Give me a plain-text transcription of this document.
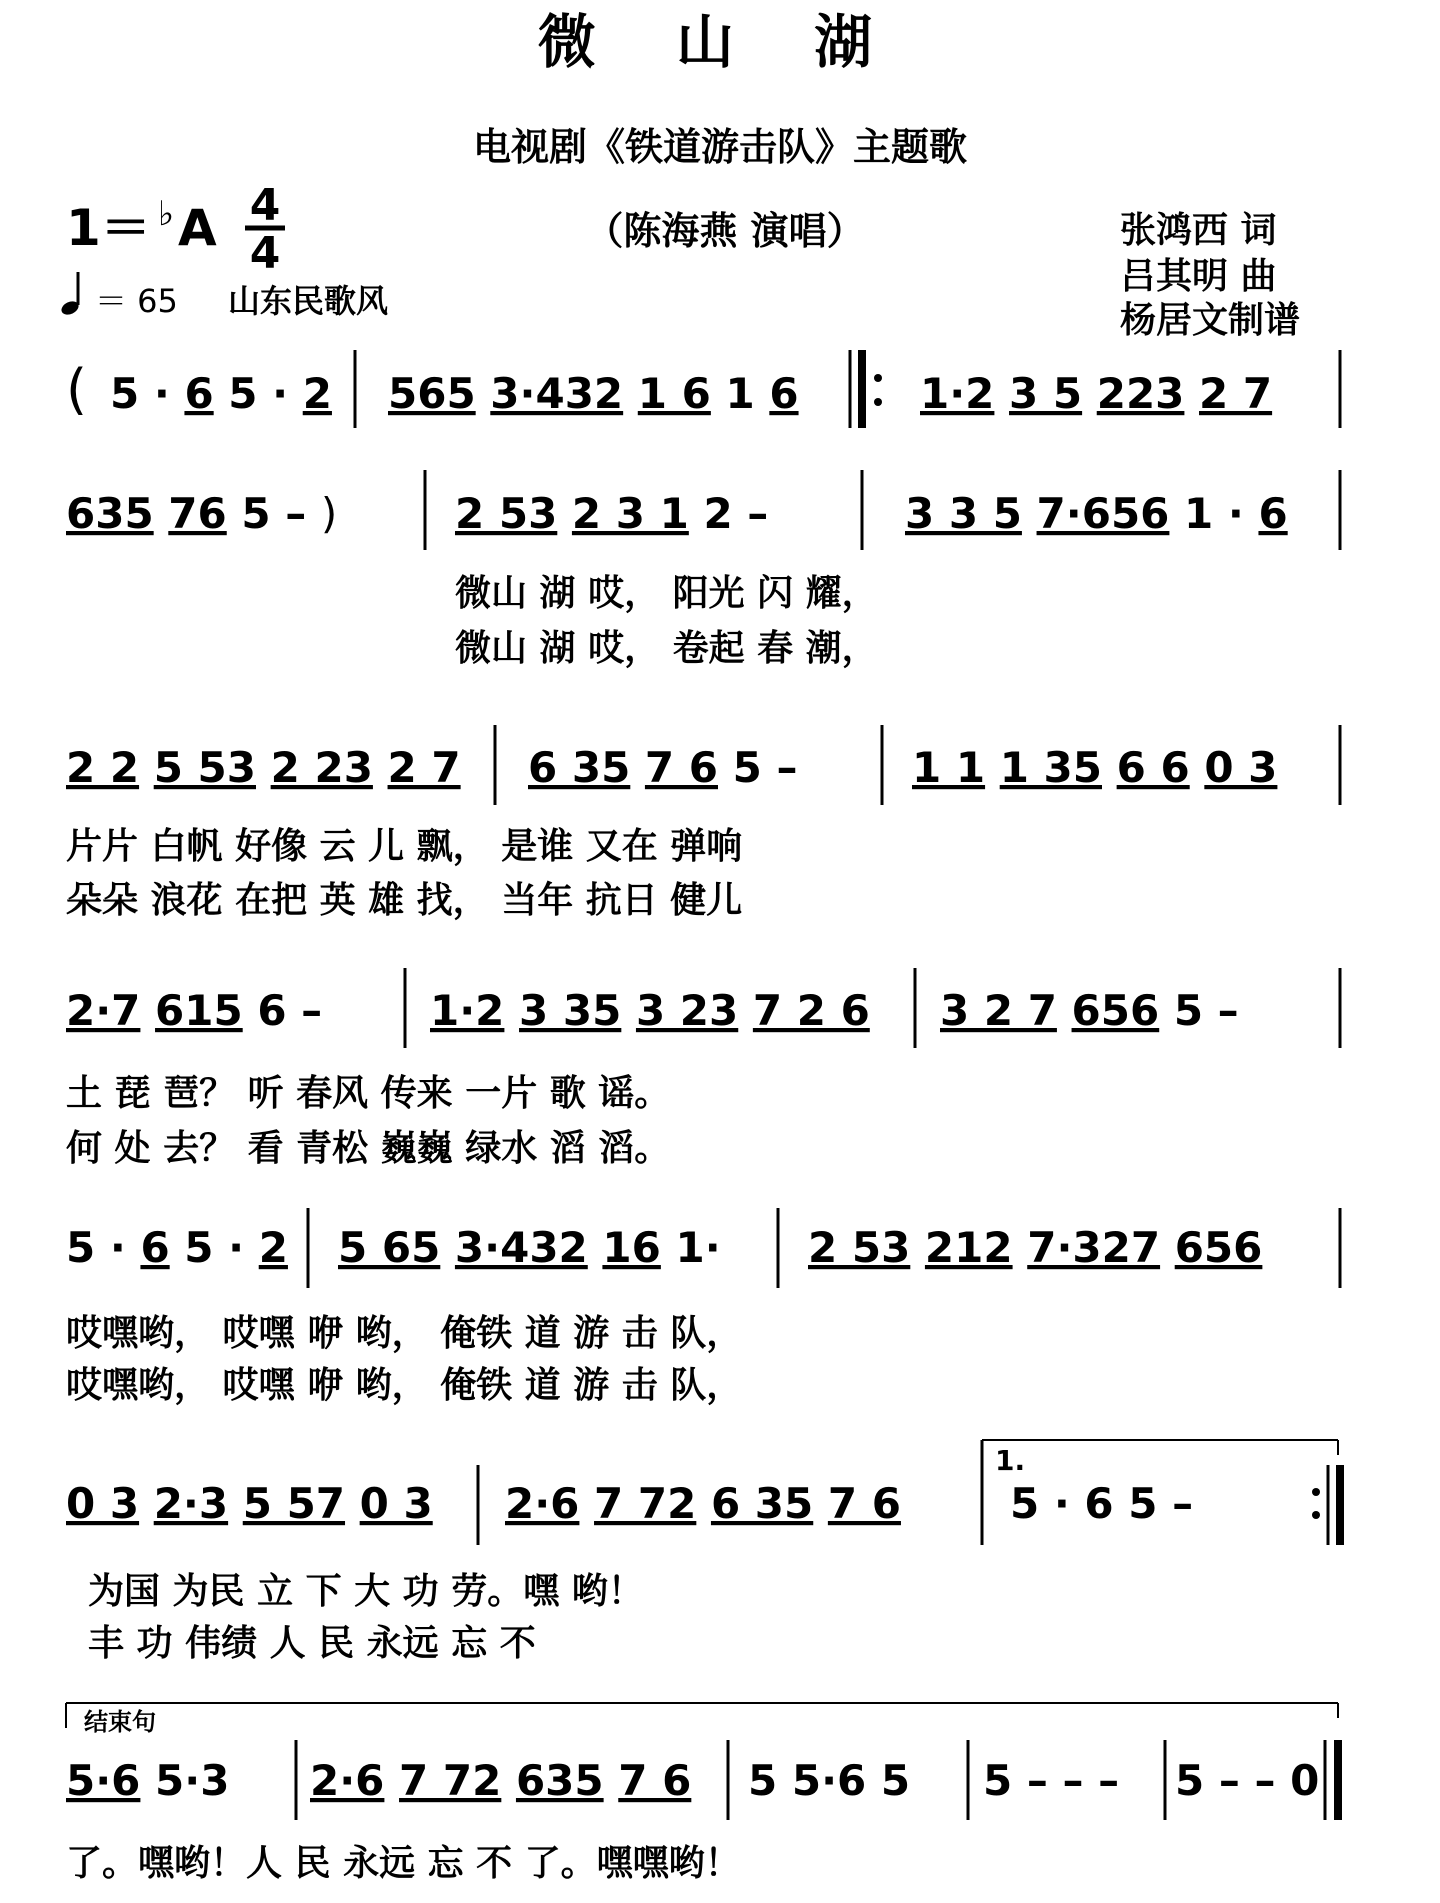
微 山 湖
电视剧《铁道游击队》主题歌
（陈海燕 演唱）
1＝ ♭ A 4
4
＝ 65 山东民歌风
张鸿西 词
吕其明 曲
杨居文制谱
( 5 · 6 5 · 2 565 3·432 1 6 1 6	1·2 3 5 223 2 7
635 76 5 – )	2 53 2 3 1 2 –	3 3 5 7·656 1 · 6
微山 湖 哎， 阳光 闪 耀，
微山 湖 哎， 卷起 春 潮，
2 2 5 53 2 23 2 7 6 35 7 6 5 –	1 1 1 35 6 6 0 3
片片 白帆 好像 云 儿 飘， 是谁 又在 弹响
朵朵 浪花 在把 英 雄 找， 当年 抗日 健儿
2·7 615 6 –	1·2 3 35 3 23 7 2 6 3 2 7 656 5 –
土 琵 琶？ 听 春风 传来 一片 歌 谣。
何 处 去？ 看 青松 巍巍 绿水 滔 滔。
5 · 6 5 · 2 5 65 3·432 16 1· 2 53 212 7·327 656
哎嘿哟， 哎嘿 咿 哟， 俺铁 道 游 击 队，
哎嘿哟， 哎嘿 咿 哟， 俺铁 道 游 击 队，
0 3 2·3 5 57 0 3 2·6 7 72 6 35 7 6
1.
5 · 6 5 –
为国 为民 立 下 大 功 劳。嘿 哟！
丰 功 伟绩 人 民 永远 忘 不
结束句
5·6 5·3 2·6 7 72 635 7 6 5 5·6 5 5 – – – 5 – – 0
了。嘿哟！人 民 永远 忘 不 了。嘿嘿哟！
